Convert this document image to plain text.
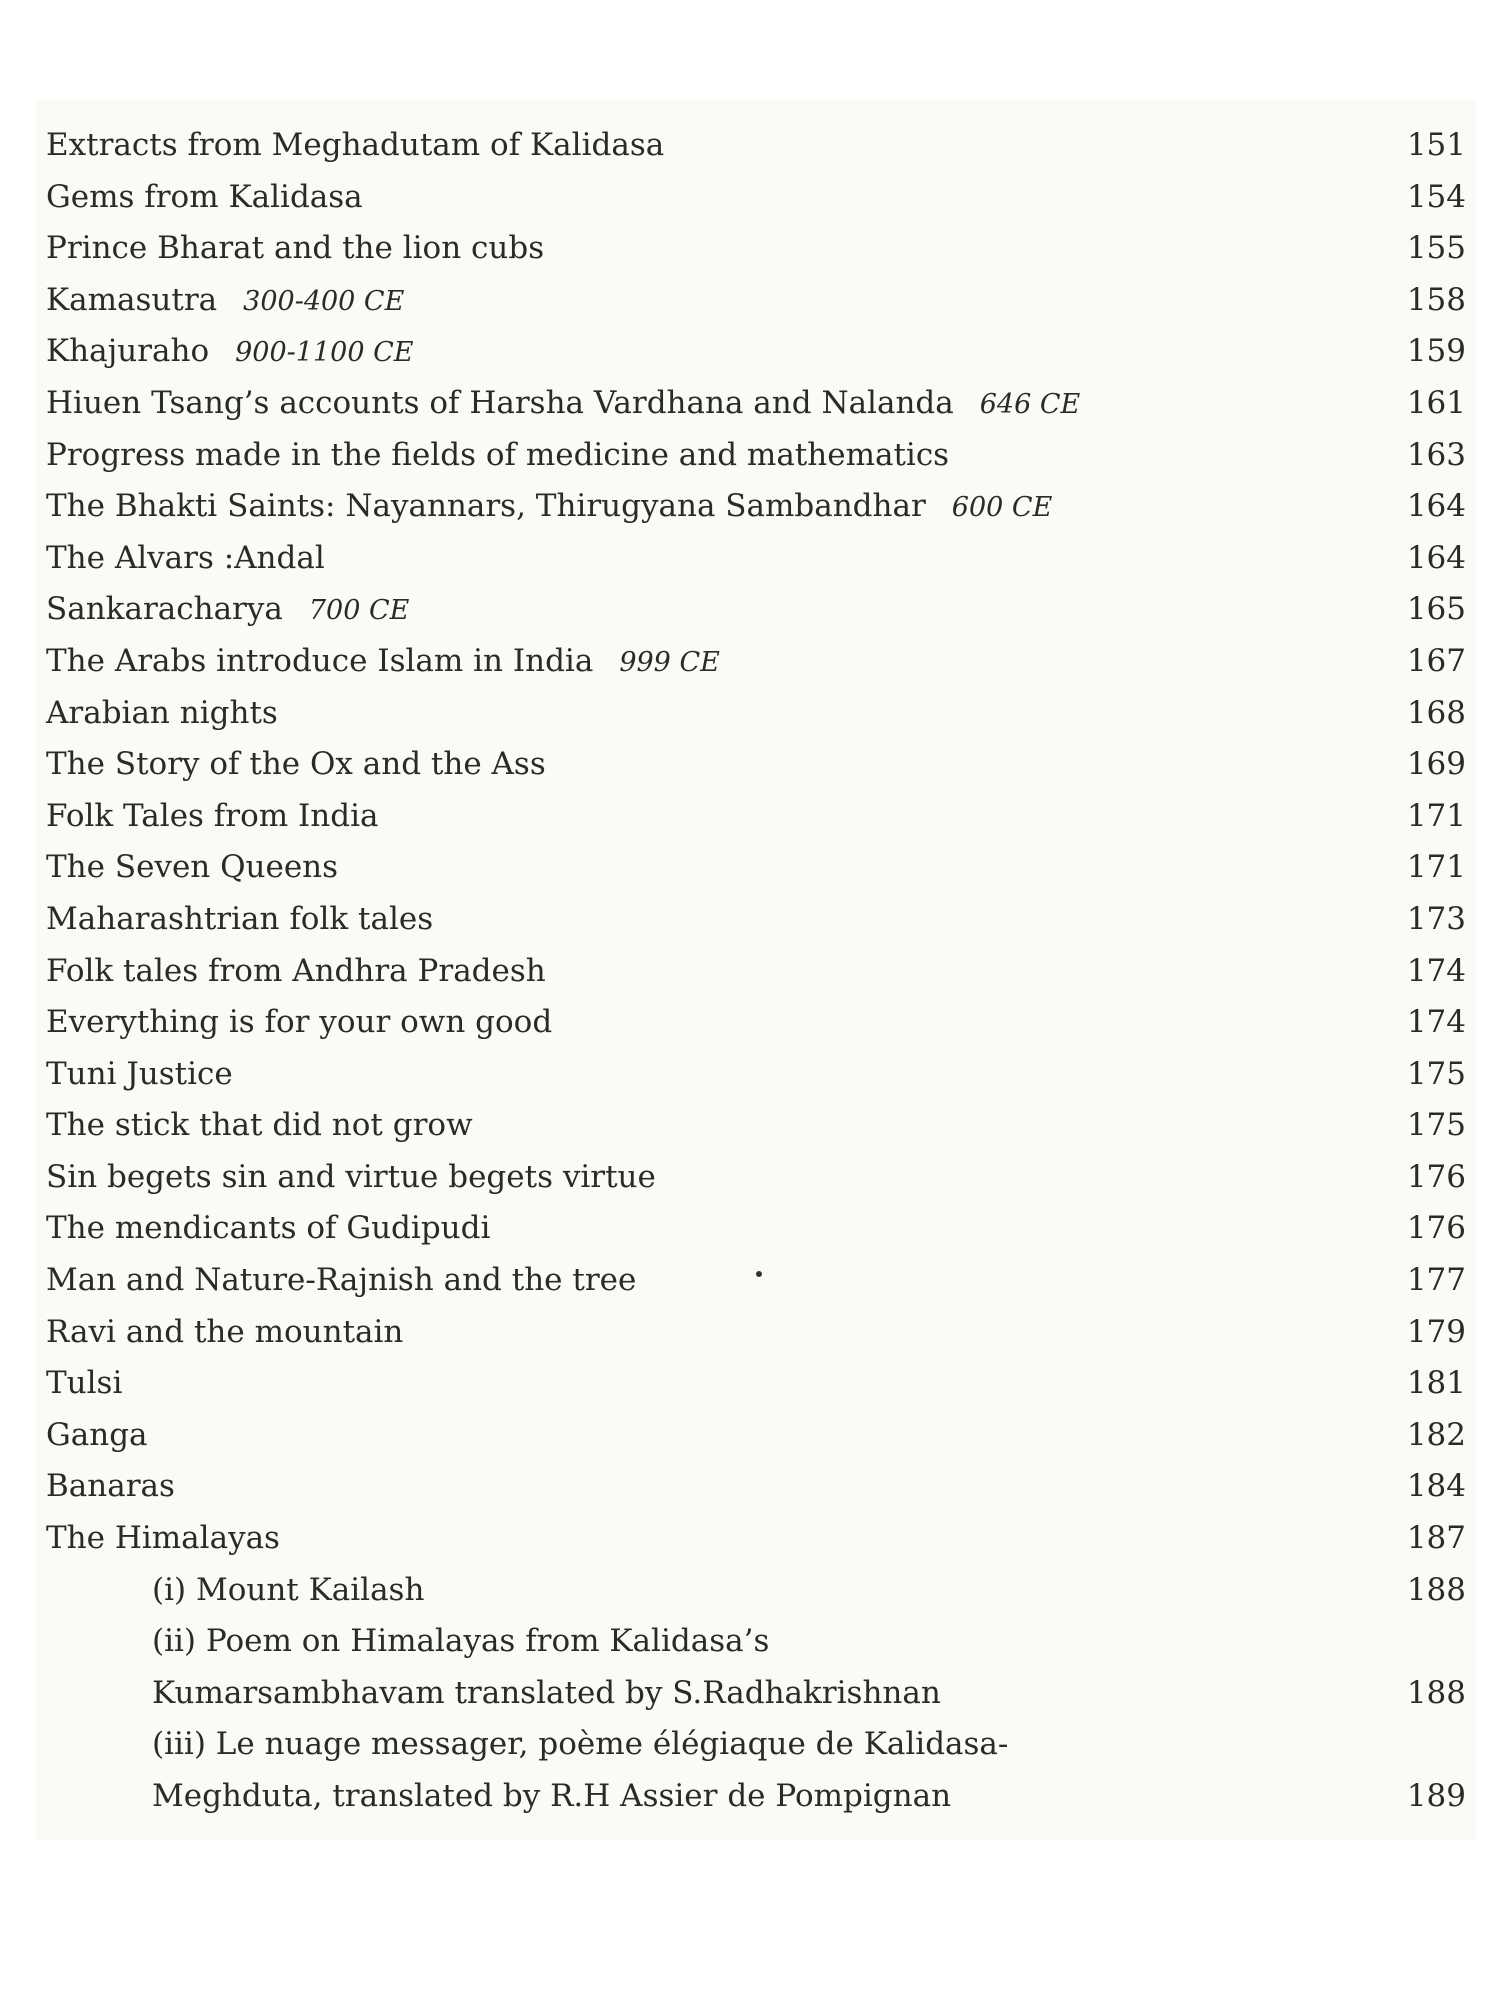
Extracts from Meghadutam of Kalidasa	151
Gems from Kalidasa	154
Prince Bharat and the lion cubs	155
Kamasutra 300-400 CE	158
Khajuraho 900-1100 CE	159
Hiuen Tsang’s accounts of Harsha Vardhana and Nalanda 646 CE	161
Progress made in the fields of medicine and mathematics	163
The Bhakti Saints: Nayannars, Thirugyana Sambandhar 600 CE	164
The Alvars :Andal	164
Sankaracharya 700 CE	165
The Arabs introduce Islam in India 999 CE	167
Arabian nights	168
The Story of the Ox and the Ass	169
Folk Tales from India	171
The Seven Queens	171
Maharashtrian folk tales	173
Folk tales from Andhra Pradesh	174
Everything is for your own good	174
Tuni Justice	175
The stick that did not grow	175
Sin begets sin and virtue begets virtue	176
The mendicants of Gudipudi	176
Man and Nature-Rajnish and the tree	177
Ravi and the mountain	179
Tulsi	181
Ganga	182
Banaras	184
The Himalayas	187
(i) Mount Kailash	188
(ii) Poem on Himalayas from Kalidasa’s
Kumarsambhavam translated by S.Radhakrishnan	188
(iii) Le nuage messager, poème élégiaque de Kalidasa-
Meghduta, translated by R.H Assier de Pompignan	189
